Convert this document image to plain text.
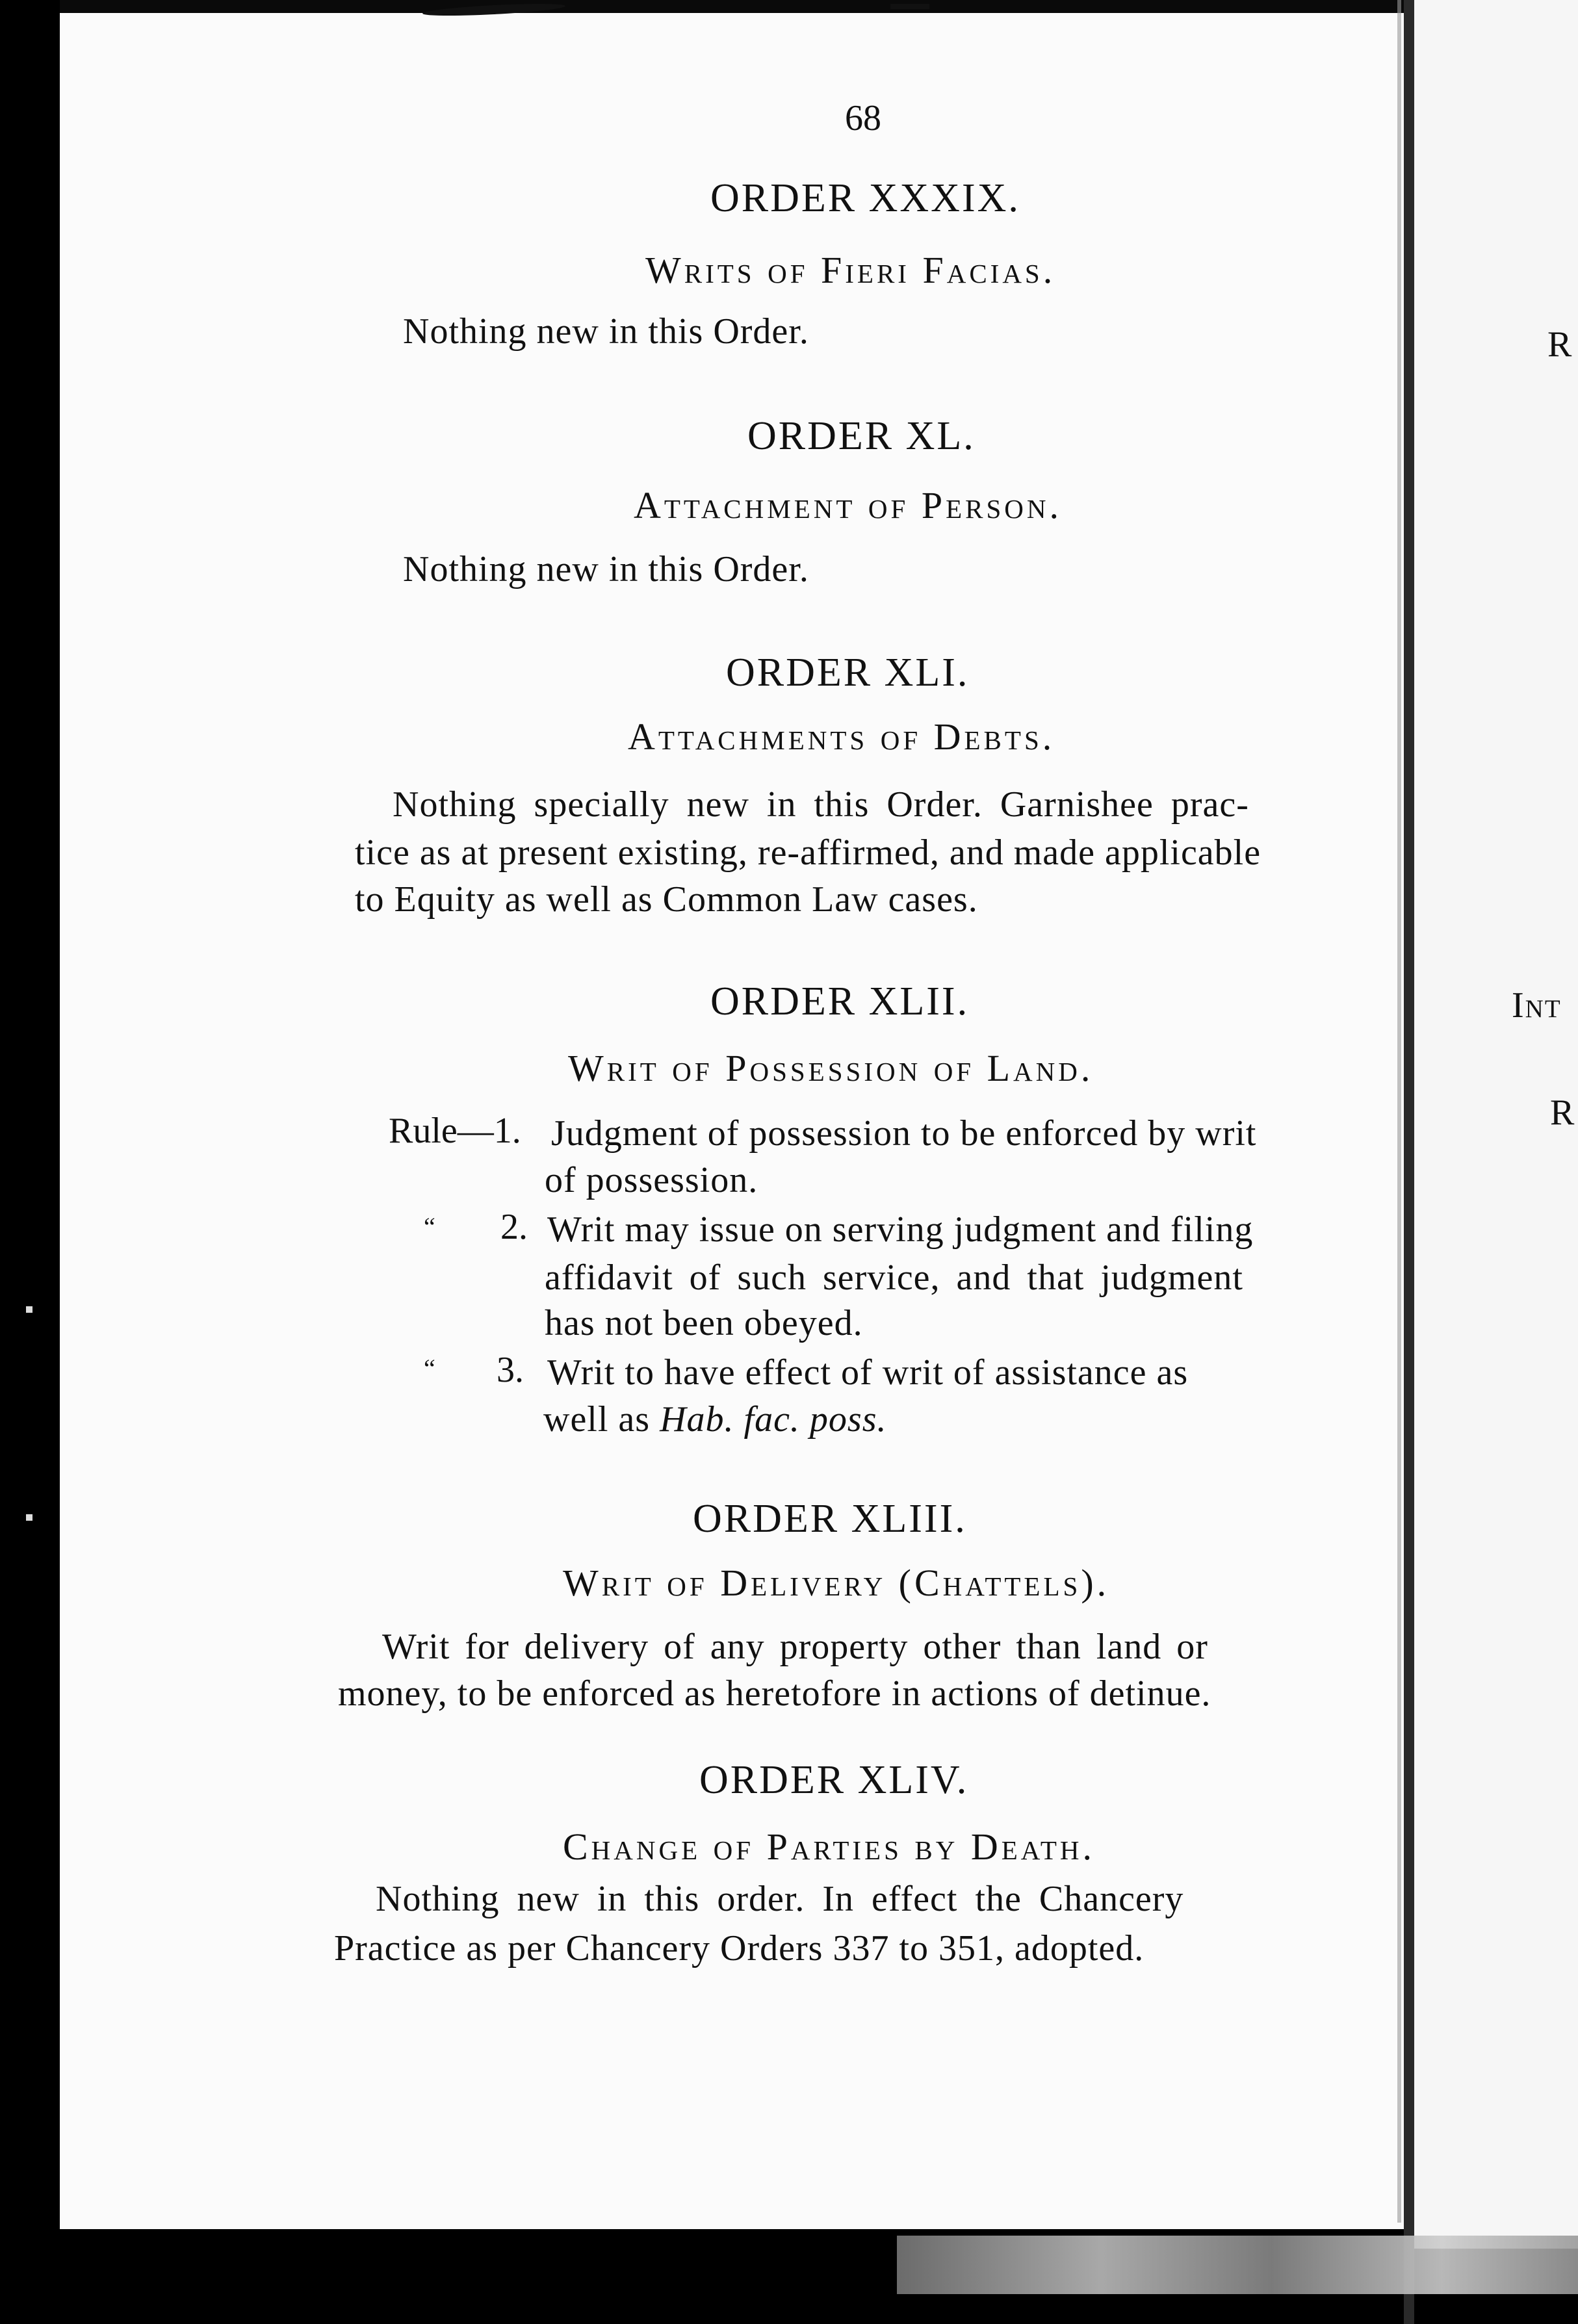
R
Int
R
68
ORDER XXXIX.
Writs of Fieri Facias.
Nothing new in this Order.
ORDER XL.
Attachment of Person.
Nothing new in this Order.
ORDER XLI.
Attachments of Debts.
Nothing specially new in this Order. Garnishee prac-
tice as at present existing, re-affirmed, and made applicable
to Equity as well as Common Law cases.
ORDER XLII.
Writ of Possession of Land.
Rule—1. Judgment of possession to be enforced by writ
of possession.
“ 2. Writ may issue on serving judgment and filing
affidavit of such service, and that judgment
has not been obeyed.
“ 3. Writ to have effect of writ of assistance as
well as Hab. fac. poss.
ORDER XLIII.
Writ of Delivery (Chattels).
Writ for delivery of any property other than land or
money, to be enforced as heretofore in actions of detinue.
ORDER XLIV.
Change of Parties by Death.
Nothing new in this order. In effect the Chancery
Practice as per Chancery Orders 337 to 351, adopted.
